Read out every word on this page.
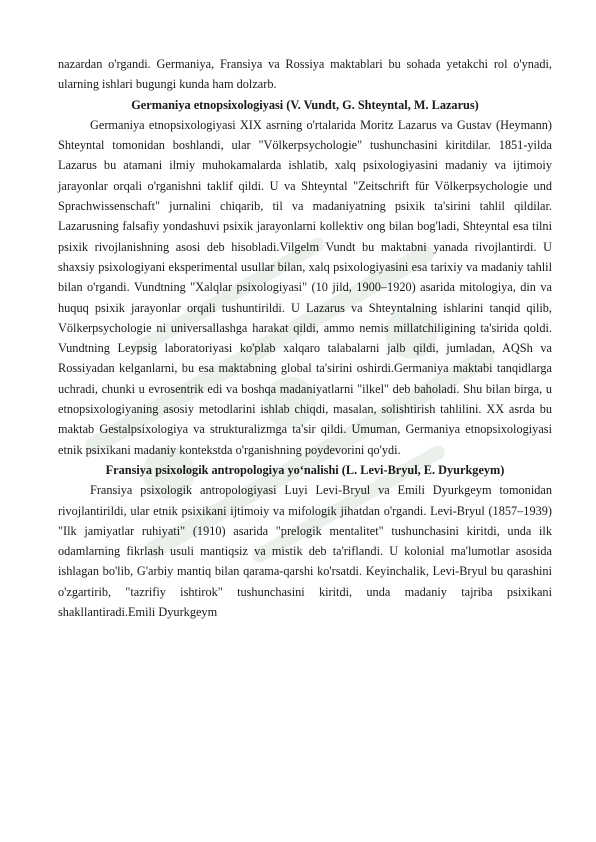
nazardan o'rgandi. Germaniya, Fransiya va Rossiya maktablari bu sohada yetakchi rol o'ynadi, ularning ishlari bugungi kunda ham dolzarb.

Germaniya etnopsixologiyasi (V. Vundt, G. Shteyntal, M. Lazarus)

Germaniya etnopsixologiyasi XIX asrning o'rtalarida Moritz Lazarus va Gustav (Heymann) Shteyntal tomonidan boshlandi, ular "Völkerpsychologie" tushunchasini kiritdilar. 1851-yilda Lazarus bu atamani ilmiy muhokamalarda ishlatib, xalq psixologiyasini madaniy va ijtimoiy jarayonlar orqali o'rganishni taklif qildi. U va Shteyntal "Zeitschrift für Völkerpsychologie und Sprachwissenschaft" jurnalini chiqarib, til va madaniyatning psixik ta'sirini tahlil qildilar. Lazarusning falsafiy yondashuvi psixik jarayonlarni kollektiv ong bilan bog'ladi, Shteyntal esa tilni psixik rivojlanishning asosi deb hisobladi.Vilgelm Vundt bu maktabni yanada rivojlantirdi. U shaxsiy psixologiyani eksperimental usullar bilan, xalq psixologiyasini esa tarixiy va madaniy tahlil bilan o'rgandi. Vundtning "Xalqlar psixologiyasi" (10 jild, 1900–1920) asarida mitologiya, din va huquq psixik jarayonlar orqali tushuntirildi. U Lazarus va Shteyntalning ishlarini tanqid qilib, Völkerpsychologie ni universallashga harakat qildi, ammo nemis millatchiligining ta'sirida qoldi. Vundtning Leypsig laboratoriyasi ko'plab xalqaro talabalarni jalb qildi, jumladan, AQSh va Rossiyadan kelganlarni, bu esa maktabning global ta'sirini oshirdi.Germaniya maktabi tanqidlarga uchradi, chunki u evrosentrik edi va boshqa madaniyatlarni "ilkel" deb baholadi. Shu bilan birga, u etnopsixologiyaning asosiy metodlarini ishlab chiqdi, masalan, solishtirish tahlilini. XX asrda bu maktab Gestalpsixologiya va strukturalizmga ta'sir qildi. Umuman, Germaniya etnopsixologiyasi etnik psixikani madaniy kontekstda o'rganishning poydevorini qo'ydi.

Fransiya psixologik antropologiya yo‘nalishi (L. Levi-Bryul, E. Dyurkgeym)

Fransiya psixologik antropologiyasi Luyi Levi-Bryul va Emili Dyurkgeym tomonidan rivojlantirildi, ular etnik psixikani ijtimoiy va mifologik jihatdan o'rgandi. Levi-Bryul (1857–1939) "Ilk jamiyatlar ruhiyati" (1910) asarida "prelogik mentalitet" tushunchasini kiritdi, unda ilk odamlarning fikrlash usuli mantiqsiz va mistik deb ta'riflandi. U kolonial ma'lumotlar asosida ishlagan bo'lib, G'arbiy mantiq bilan qarama-qarshi ko'rsatdi. Keyinchalik, Levi-Bryul bu qarashini o'zgartirib, "tazrifiy ishtirok" tushunchasini kiritdi, unda madaniy tajriba psixikani shakllantiradi.Emili Dyurkgeym
